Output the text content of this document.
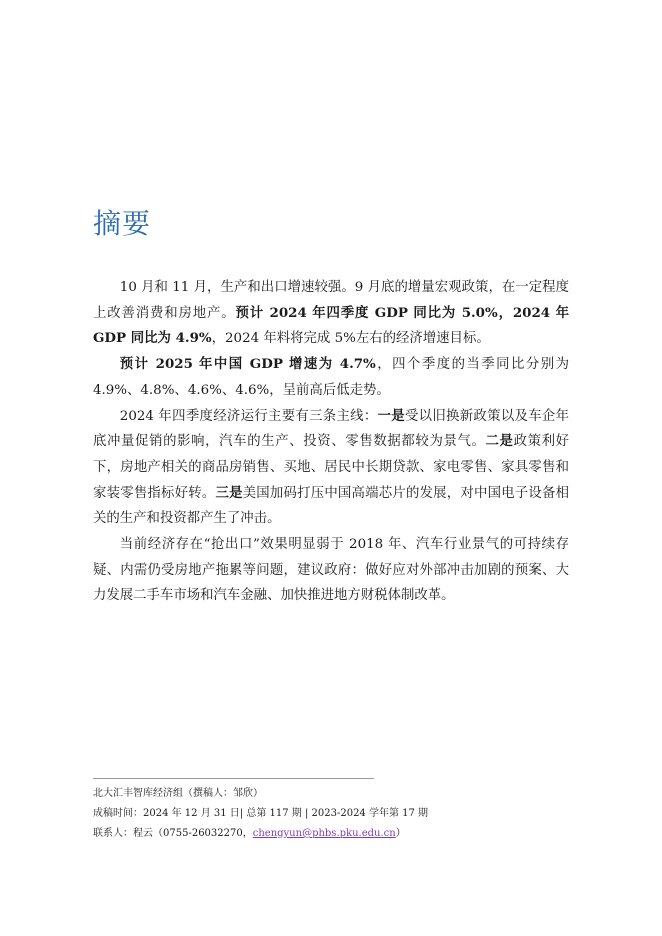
摘要

10 月和 11 月，生产和出口增速较强。9 月底的增量宏观政策，在一定程度上改善消费和房地产。预计 2024 年四季度 GDP 同比为 5.0%，2024 年 GDP 同比为 4.9%，2024 年料将完成 5%左右的经济增速目标。

预计 2025 年中国 GDP 增速为 4.7%，四个季度的当季同比分别为 4.9%、4.8%、4.6%、4.6%，呈前高后低走势。

2024 年四季度经济运行主要有三条主线：一是受以旧换新政策以及车企年底冲量促销的影响，汽车的生产、投资、零售数据都较为景气。二是政策利好下，房地产相关的商品房销售、买地、居民中长期贷款、家电零售、家具零售和家装零售指标好转。三是美国加码打压中国高端芯片的发展，对中国电子设备相关的生产和投资都产生了冲击。

当前经济存在“抢出口”效果明显弱于 2018 年、汽车行业景气的可持续存疑、内需仍受房地产拖累等问题，建议政府：做好应对外部冲击加剧的预案、大力发展二手车市场和汽车金融、加快推进地方财税体制改革。

北大汇丰智库经济组（撰稿人：邹欣）
成稿时间：2024 年 12 月 31 日| 总第 117 期 | 2023-2024 学年第 17 期
联系人：程云（0755-26032270，chengyun@phbs.pku.edu.cn）
